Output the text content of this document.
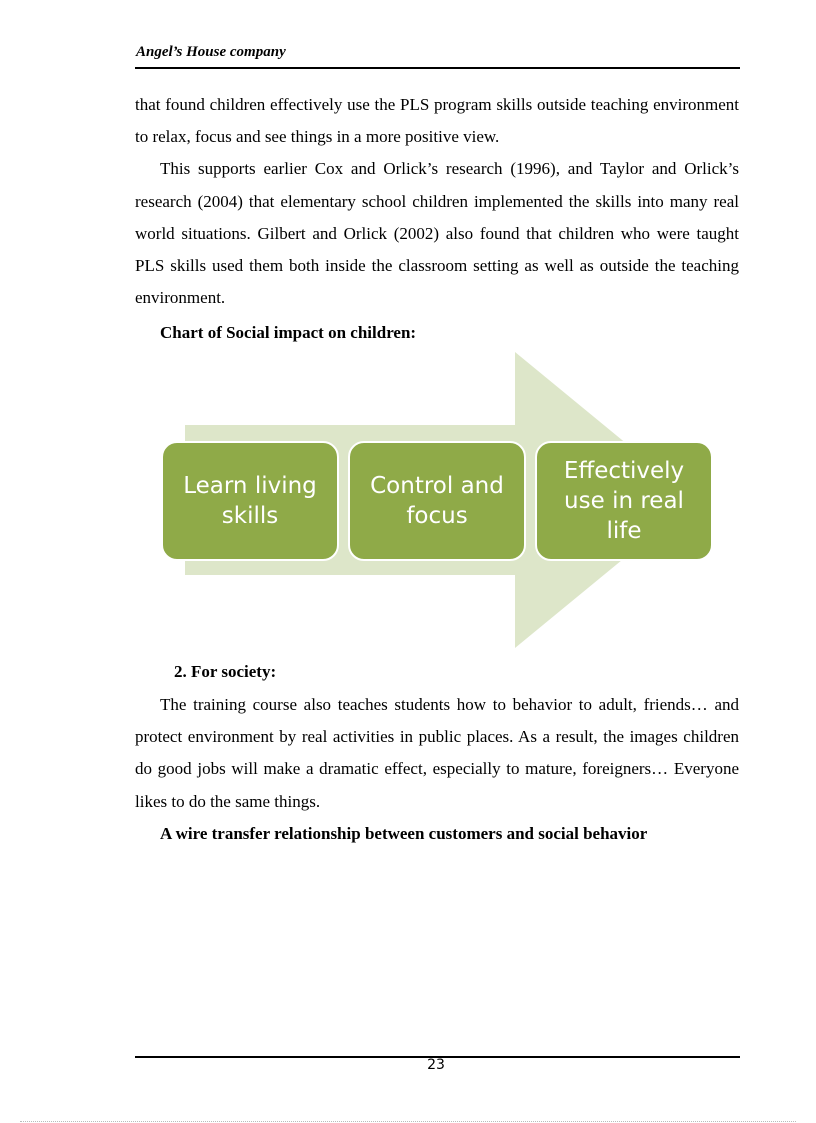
Angel’s House company
that found children effectively use the PLS program skills outside teaching environment to relax, focus and see things in a more positive view.
This supports earlier Cox and Orlick’s research (1996), and Taylor and Orlick’s research (2004) that elementary school children implemented the skills into many real world situations. Gilbert and Orlick (2002) also found that children who were taught PLS skills used them both inside the classroom setting as well as outside the teaching environment.
Chart of Social impact on children:
Learn living skills
Control and focus
Effectively use in real life
2. For society:
The training course also teaches students how to behavior to adult, friends… and protect environment by real activities in public places. As a result, the images children do good jobs will make a dramatic effect, especially to mature, foreigners… Everyone likes to do the same things.
A wire transfer relationship between customers and social behavior
23
